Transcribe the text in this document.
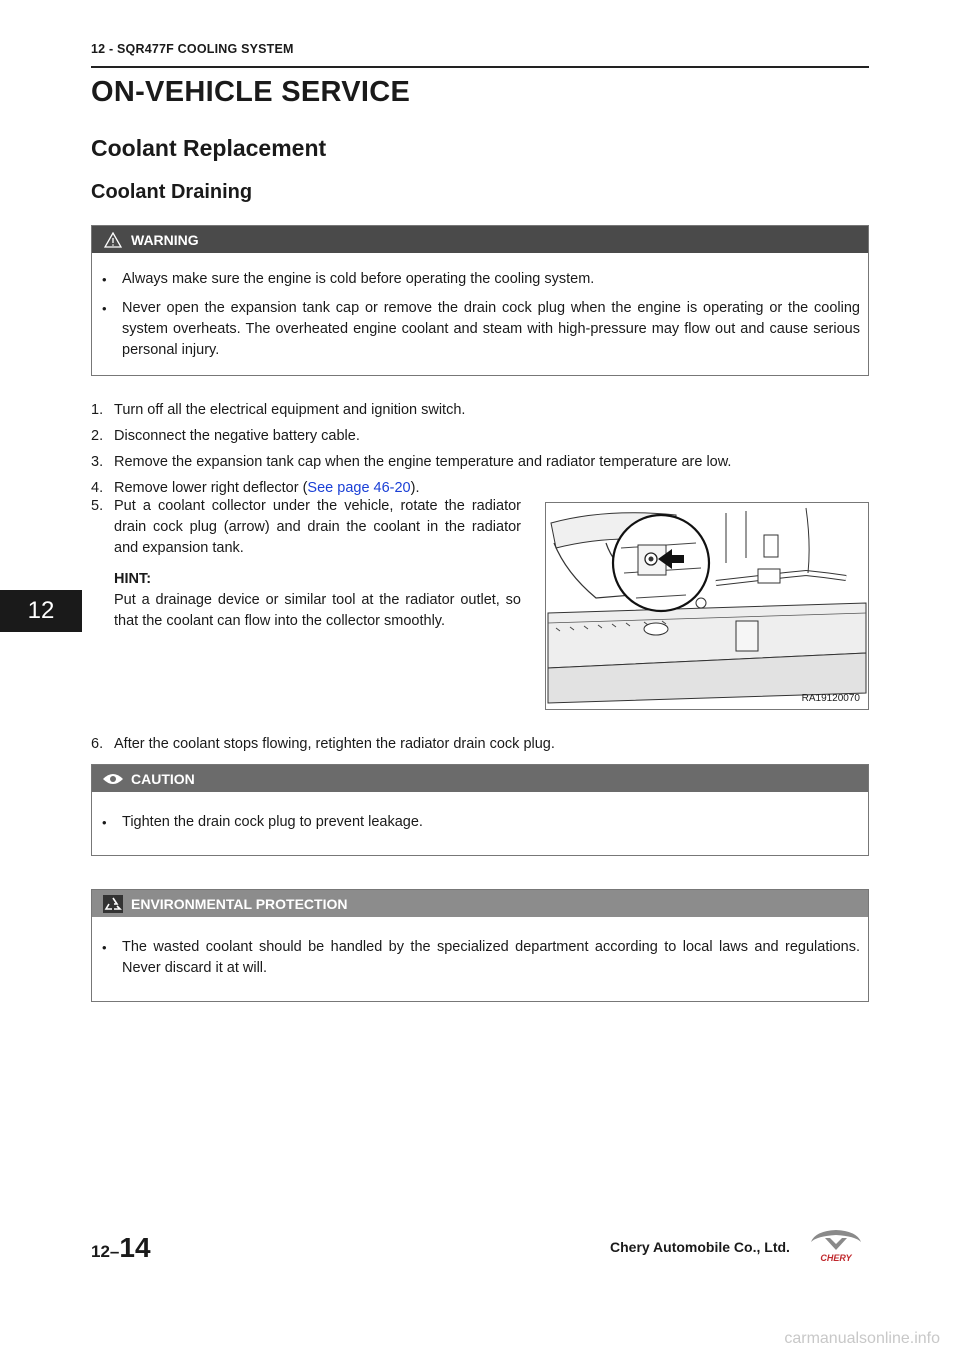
12 - SQR477F COOLING SYSTEM
ON-VEHICLE SERVICE
Coolant Replacement
Coolant Draining
WARNING
•	Always make sure the engine is cold before operating the cooling system.
•	Never open the expansion tank cap or remove the drain cock plug when the engine is operating or the cooling system overheats. The overheated engine coolant and steam with high-pressure may flow out and cause serious personal injury.
1. Turn off all the electrical equipment and ignition switch.
2. Disconnect the negative battery cable.
3. Remove the expansion tank cap when the engine temperature and radiator temperature are low.
4. Remove lower right deflector (See page 46-20).
5. Put a coolant collector under the vehicle, rotate the radiator drain cock plug (arrow) and drain the coolant in the radiator and expansion tank.
HINT:
Put a drainage device or similar tool at the radiator outlet, so that the coolant can flow into the collector smoothly.
RA19120070
6. After the coolant stops flowing, retighten the radiator drain cock plug.
CAUTION
•	Tighten the drain cock plug to prevent leakage.
ENVIRONMENTAL PROTECTION
•	The wasted coolant should be handled by the specialized department according to local laws and regulations. Never discard it at will.
12
12–14	Chery Automobile Co., Ltd.
CHERY
carmanualsonline.info
